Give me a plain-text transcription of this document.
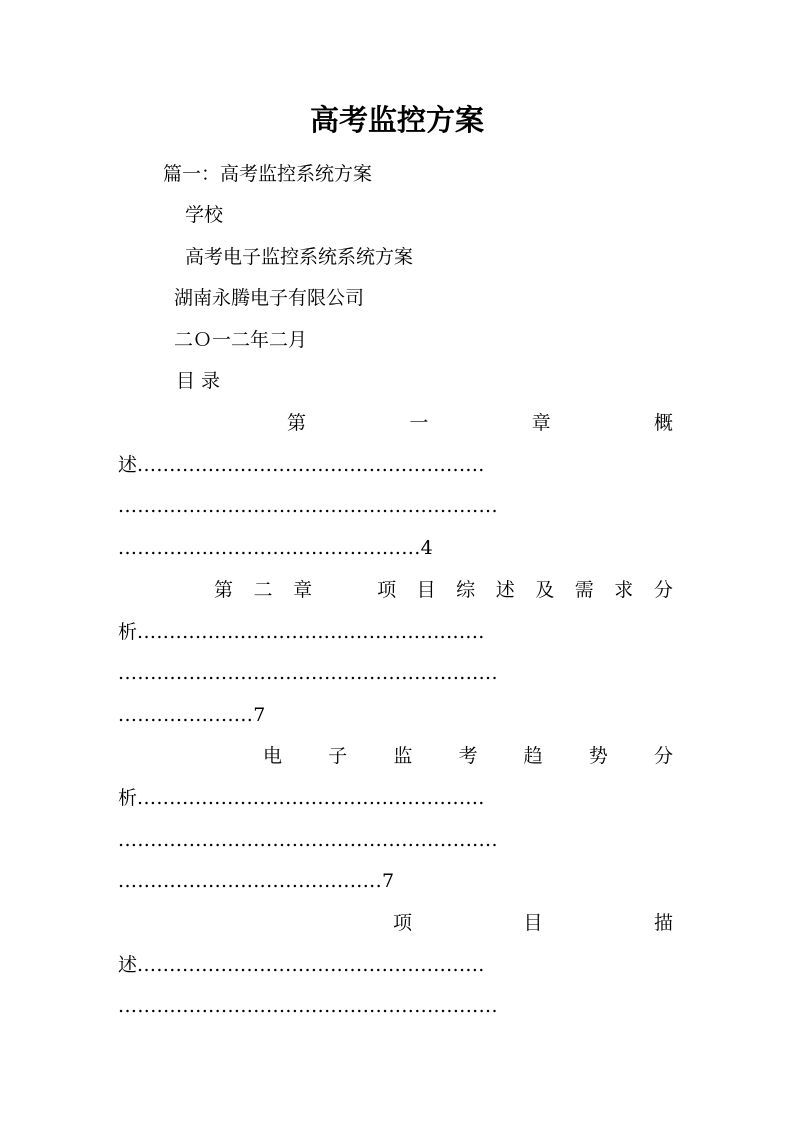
高考监控方案
篇一：高考监控系统方案
学校
高考电子监控系统系统方案
湖南永腾电子有限公司
二Ｏ一二年二月
目 录
第	一	章	概
述......................................................
...........................................................
...............................................4
第 二 章	项 目 综 述 及 需 求 分
析......................................................
...........................................................
.....................7
电 子 监 考 趋 势 分
析......................................................
...........................................................
.........................................7
项	目	描
述......................................................
...........................................................
